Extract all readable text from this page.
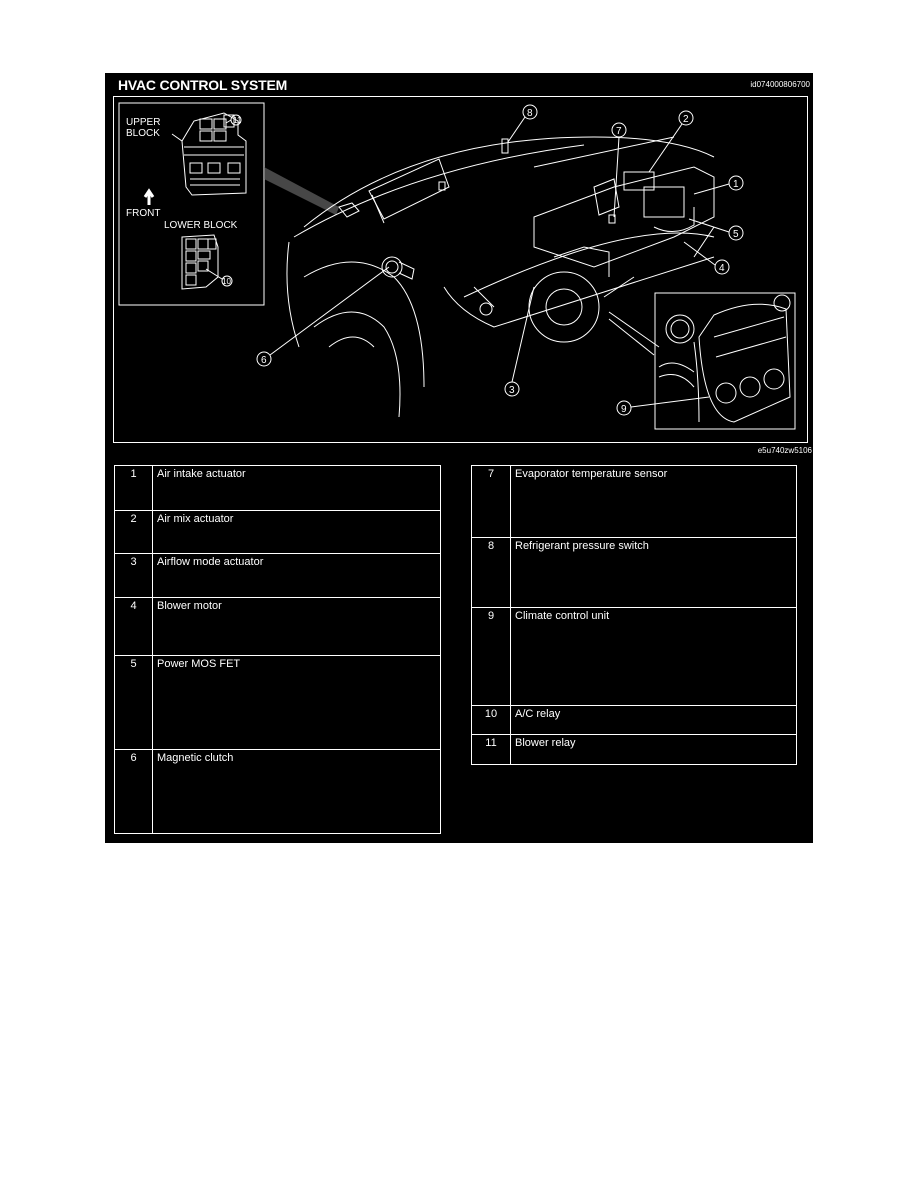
HVAC CONTROL SYSTEM	id074000806700
UPPER
BLOCK
11
FRONT
LOWER BLOCK
10
1
2
3
4
5
6
7
8
9
e5u740zw5106
1	Air intake actuator
2	Air mix actuator
3	Airflow mode actuator
4	Blower motor
5	Power MOS FET
6	Magnetic clutch
7	Evaporator temperature sensor
8	Refrigerant pressure switch
9	Climate control unit
10	A/C relay
11	Blower relay
